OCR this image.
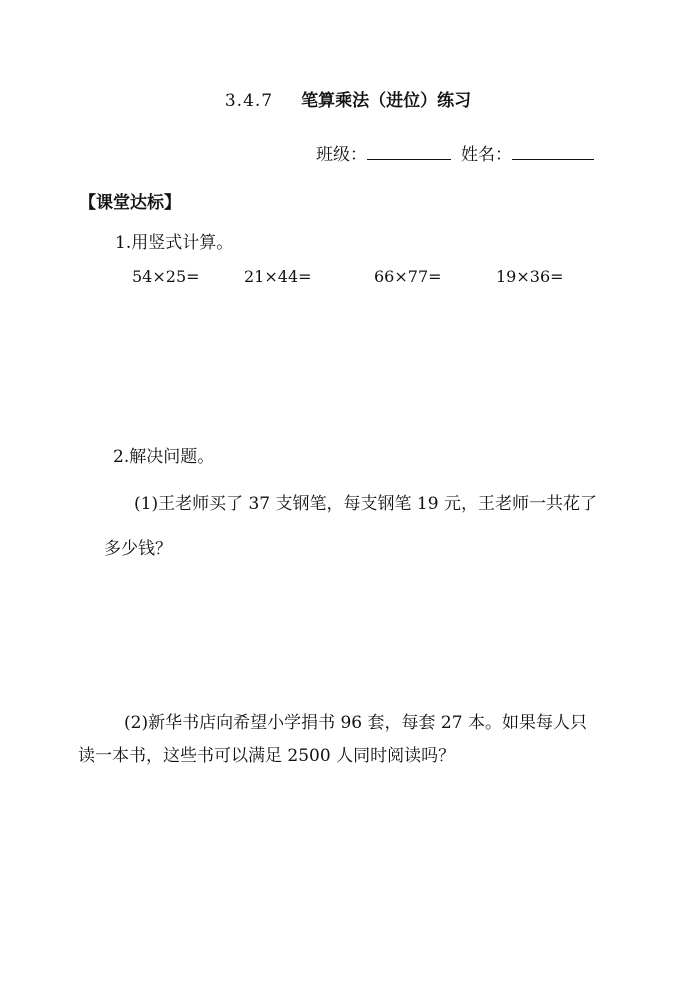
3.4.7 笔算乘法（进位）练习
班级：	姓名：
【课堂达标】
1.用竖式计算。
54×25=	21×44=	66×77=	19×36=
2.解决问题。
(1)王老师买了 37 支钢笔，每支钢笔 19 元，王老师一共花了
多少钱？
(2)新华书店向希望小学捐书 96 套，每套 27 本。如果每人只
读一本书，这些书可以满足 2500 人同时阅读吗？
